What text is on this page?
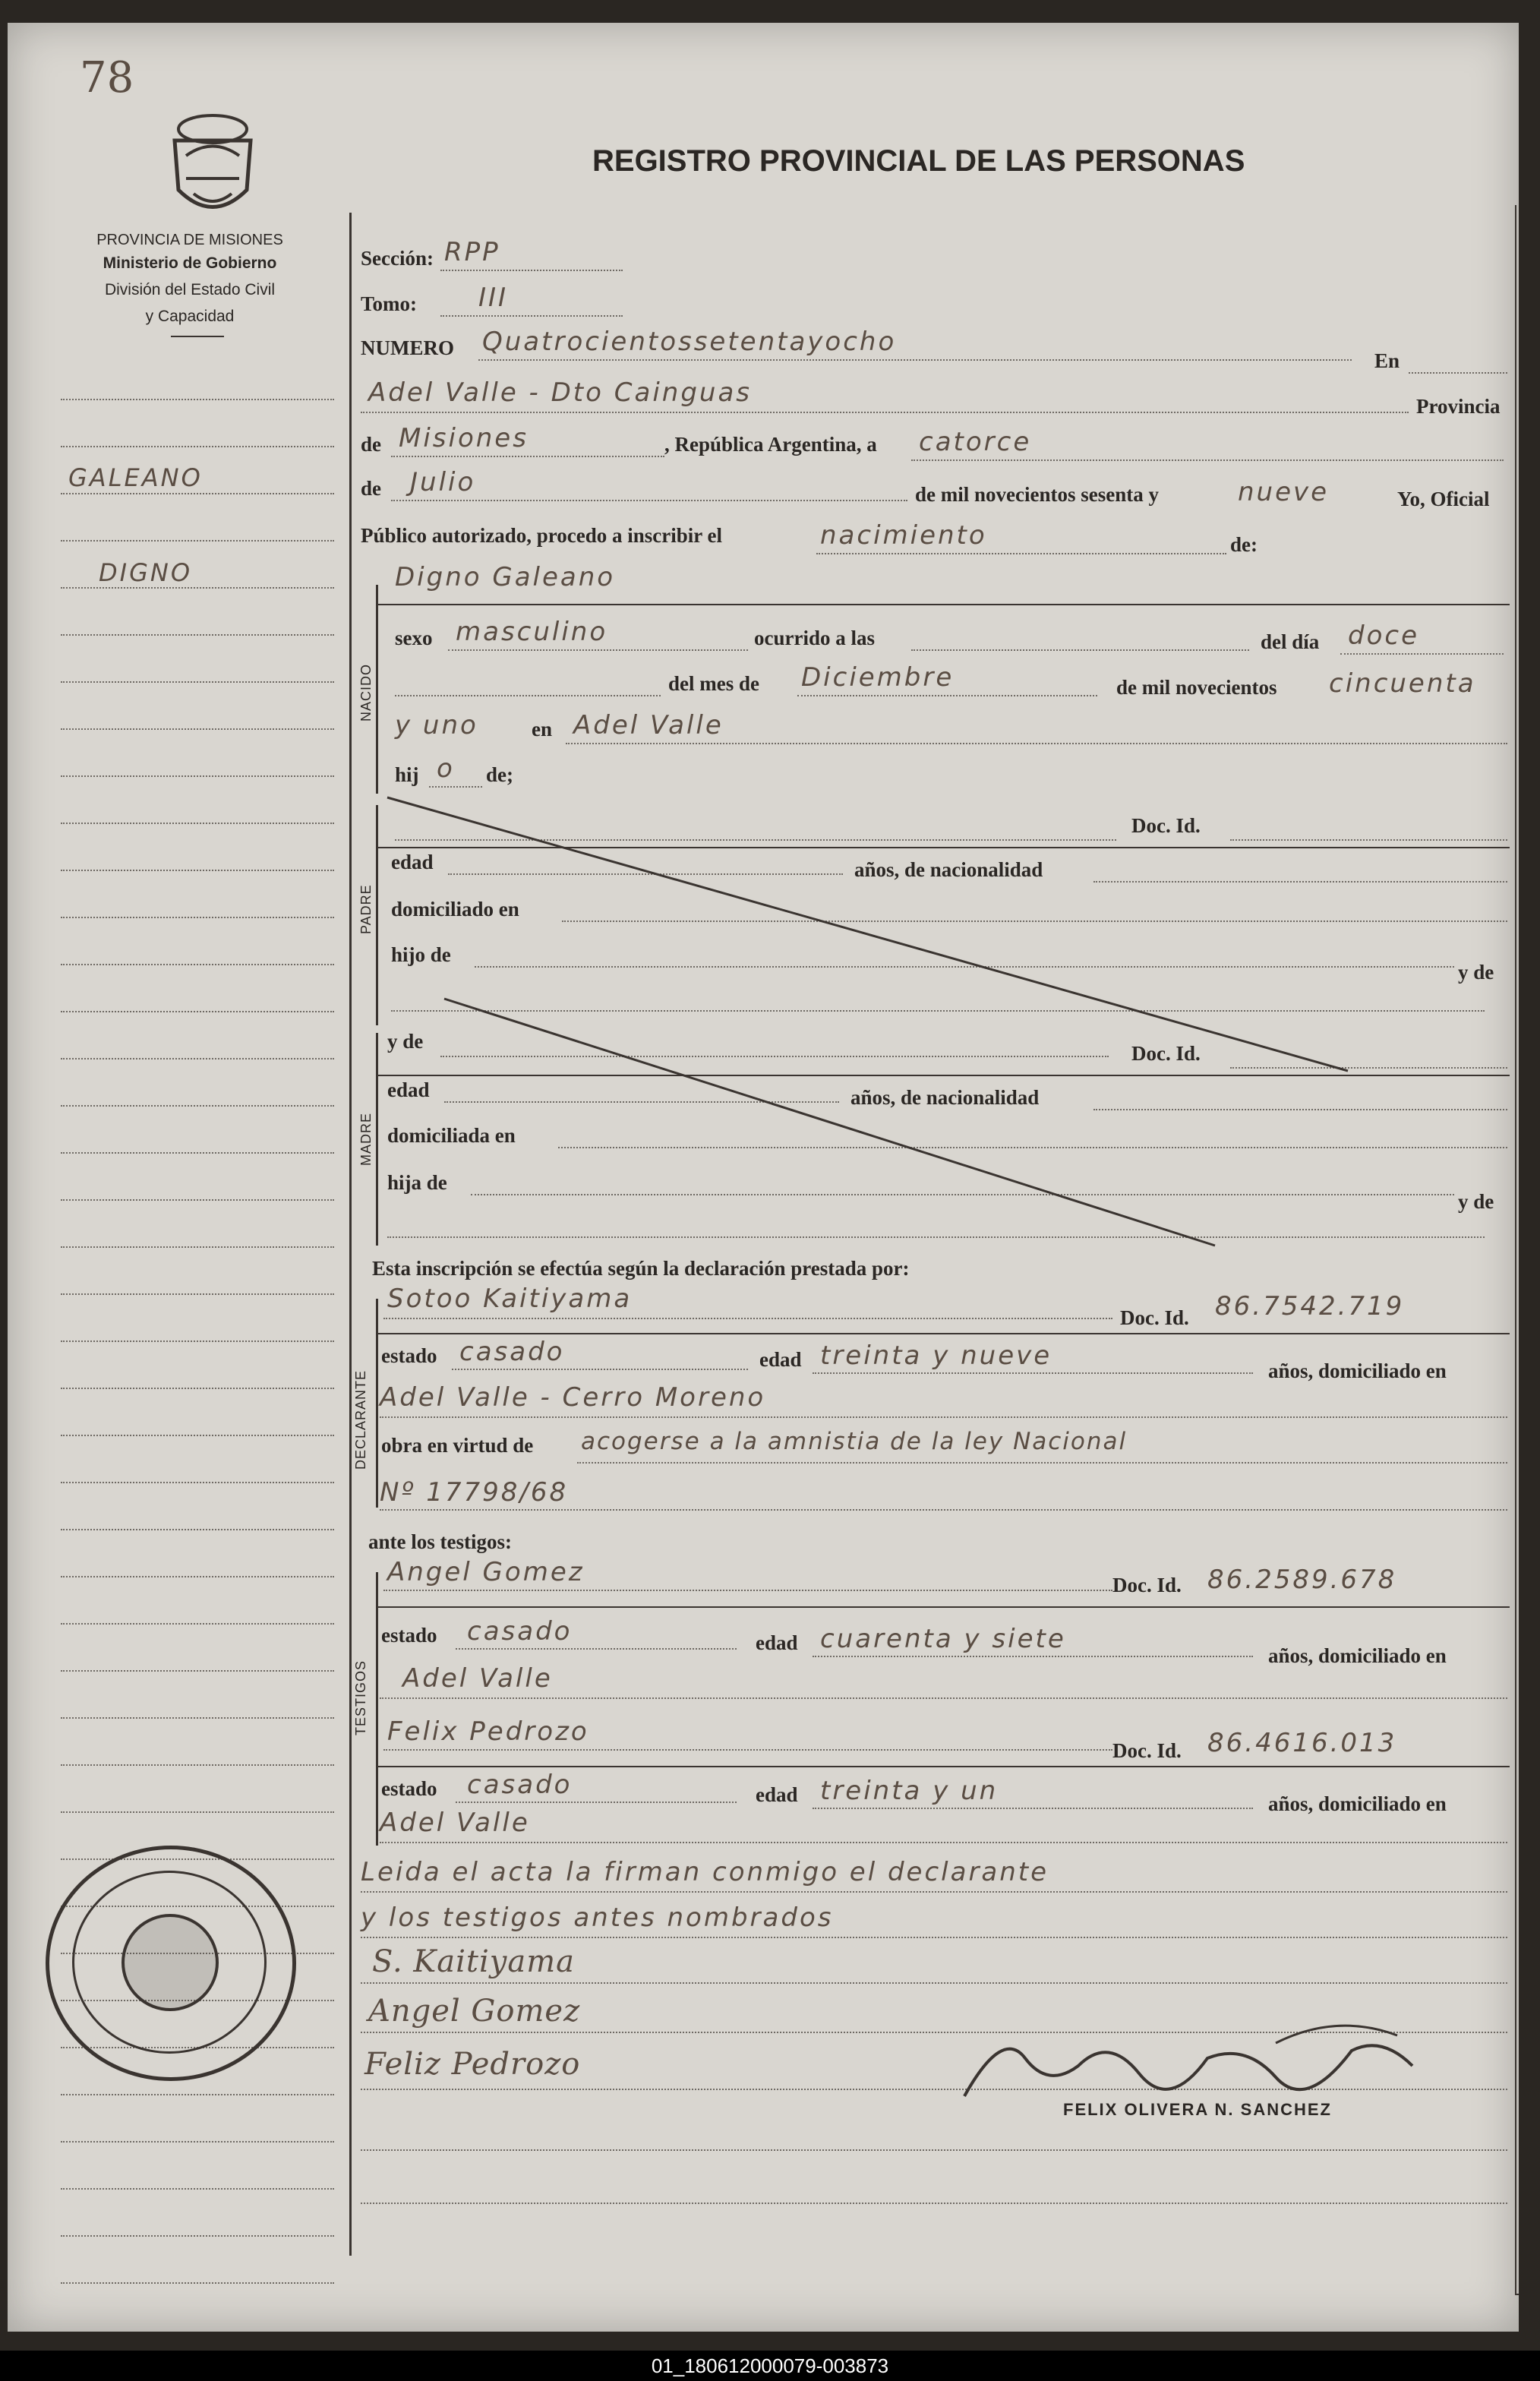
78
PROVINCIA DE MISIONES
Ministerio de Gobierno
División del Estado Civil
y Capacidad
REGISTRO PROVINCIAL DE LAS PERSONAS
GALEANO
DIGNO
Sección: RPP
Tomo: III
NUMERO Quatrocientossetentayocho
En
Adel Valle - Dto Cainguas	Provincia
de Misiones	, República Argentina, a catorce
de Julio	de mil novecientos sesenta y	nueve	Yo, Oficial
Público autorizado, procedo a inscribir el	nacimiento	de:
NACIDO
Digno Galeano
sexo masculino	ocurrido a las	del día doce
del mes de Diciembre	de mil novecientos cincuenta
y uno	en Adel Valle
hij o de;
PADRE
Doc. Id.
edad	años, de nacionalidad
domiciliado en
hijo de
y de
MADRE
y de
Doc. Id.
edad	años, de nacionalidad
domiciliada en
hija de
y de
Esta inscripción se efectúa según la declaración prestada por:
DECLARANTE
Sotoo Kaitiyama
Doc. Id. 86.7542.719
estado casado	edad treinta y nueve	años, domiciliado en
Adel Valle - Cerro Moreno
obra en virtud de acogerse a la amnistia de la ley Nacional
Nº 17798/68
ante los testigos:
TESTIGOS
Angel Gomez	Doc. Id. 86.2589.678
estado casado	edad cuarenta y siete
años, domiciliado en
Adel Valle
Felix Pedrozo
Doc. Id. 86.4616.013
estado casado	edad treinta y un	años, domiciliado en
Adel Valle
Leida el acta la firman conmigo el declarante
y los testigos antes nombrados
S. Kaitiyama
Angel Gomez
Feliz Pedrozo
FELIX OLIVERA N. SANCHEZ
01_180612000079-003873
